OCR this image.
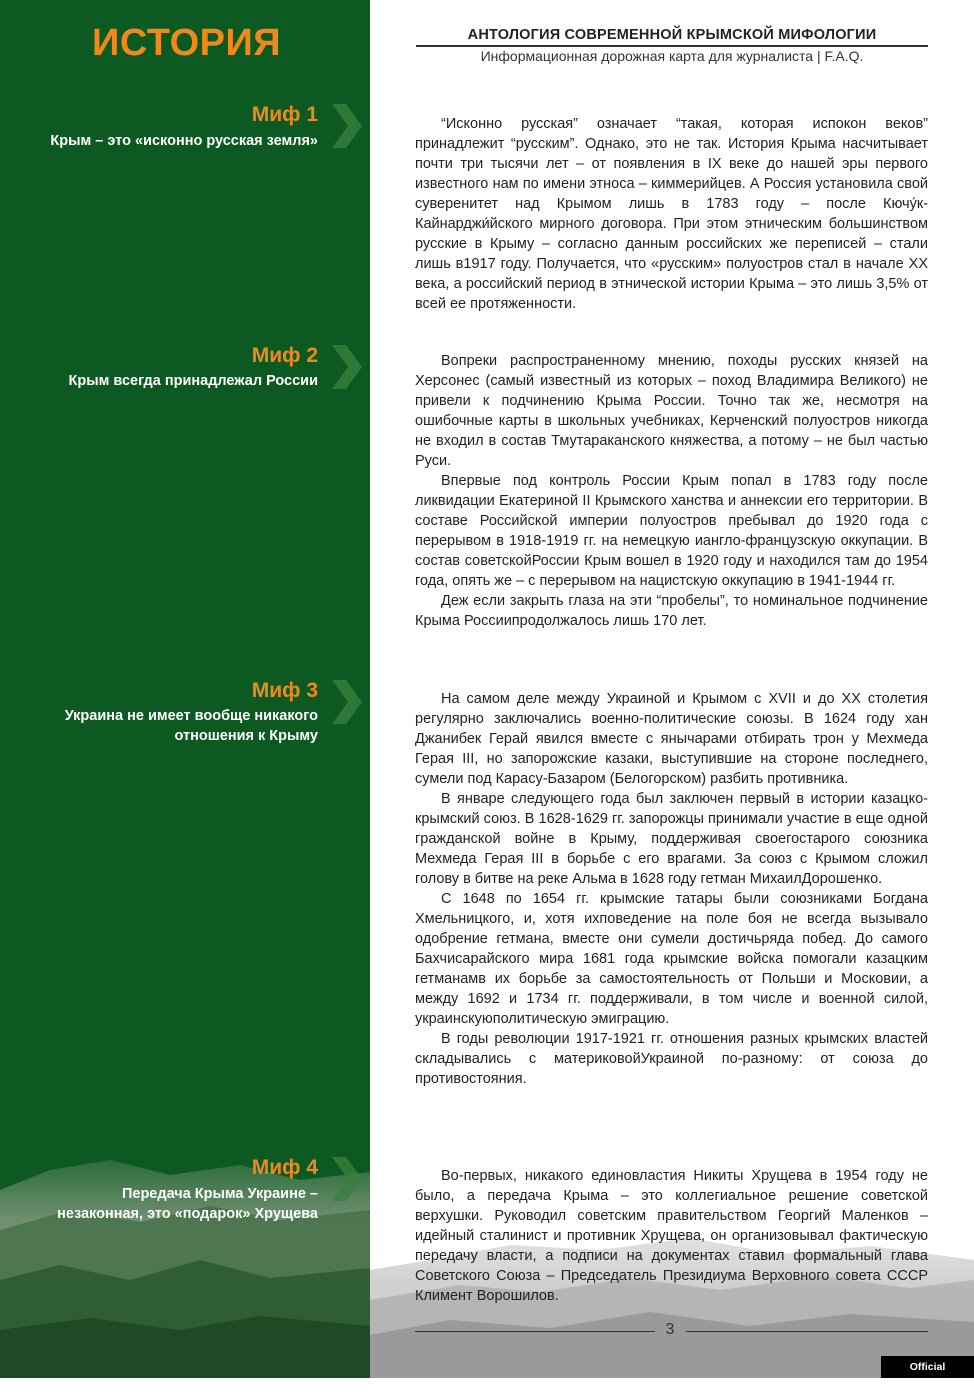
ИСТОРИЯ
Миф 1
Крым – это «исконно русская земля»
Миф 2
Крым всегда принадлежал России
Миф 3
Украина не имеет вообще никакого
отношения к Крыму
Миф 4
Передача Крыма Украине –
незаконная, это «подарок» Хрущева
АНТОЛОГИЯ СОВРЕМЕННОЙ КРЫМСКОЙ МИФОЛОГИИ
Информационная дорожная карта для журналиста | F.A.Q.

“Исконно русская” означает “такая, которая испокон веков” принадлежит “русским”. Однако, это не так. История Крыма насчитывает почти три тысячи лет – от появления в IX веке до нашей эры первого известного нам по имени этноса – киммерийцев. А Россия установила свой суверенитет над Крымом лишь в 1783 году – после Кючу́к-Кайнарджи́йского мирного договора. При этом этническим большинством русские в Крыму – согласно данным российских же переписей – стали лишь в1917 году. Получается, что «русским» полуостров стал в начале XX века, а российский период в этнической истории Крыма – это лишь 3,5% от всей ее протяженности.

Вопреки распространенному мнению, походы русских князей на Херсонес (самый известный из которых – поход Владимира Великого) не привели к подчинению Крыма России. Точно так же, несмотря на ошибочные карты в школьных учебниках, Керченский полуостров никогда не входил в состав Тмутараканского княжества, а потому – не был частью Руси.

Впервые под контроль России Крым попал в 1783 году после ликвидации Екатериной II Крымского ханства и аннексии его территории. В составе Российской империи полуостров пребывал до 1920 года с перерывом в 1918-1919 гг. на немецкую иангло-французскую оккупации. В состав советскойРоссии Крым вошел в 1920 году и находился там до 1954 года, опять же – с перерывом на нацистскую оккупацию в 1941-1944 гг.

Деж если закрыть глаза на эти “пробелы”, то номинальное подчинение Крыма Россиипродолжалось лишь 170 лет.

На самом деле между Украиной и Крымом с XVII и до XX столетия регулярно заключались военно-политические союзы. В 1624 году хан Джанибек Герай явился вместе с янычарами отбирать трон у Мехмеда Герая III, но запорожские казаки, выступившие на стороне последнего, сумели под Карасу-Базаром (Белогорском) разбить противника.

В январе следующего года был заключен первый в истории казацко-крымский союз. В 1628-1629 гг. запорожцы принимали участие в еще одной гражданской войне в Крыму, поддерживая своегостарого союзника Мехмеда Герая III в борьбе с его врагами. За союз с Крымом сложил голову в битве на реке Альма в 1628 году гетман МихаилДорошенко.

С 1648 по 1654 гг. крымские татары были союзниками Богдана Хмельницкого, и, хотя ихповедение на поле боя не всегда вызывало одобрение гетмана, вместе они сумели достичьряда побед. До самого Бахчисарайского мира 1681 года крымские войска помогали казацким гетманамв их борьбе за самостоятельность от Польши и Московии, а между 1692 и 1734 гг. поддерживали, в том числе и военной силой, украинскуюполитическую эмиграцию.

В годы революции 1917-1921 гг. отношения разных крымских властей складывались с материковойУкраиной по-разному: от союза до противостояния.

Во-первых, никакого единовластия Никиты Хрущева в 1954 году не было, а передача Крыма – это коллегиальное решение советской верхушки. Руководил советским правительством Георгий Маленков – идейный сталинист и противник Хрущева, он организовывал фактическую передачу власти, а подписи на документах ставил формальный глава Советского Союза – Председатель Президиума Верховного совета СССР Климент Ворошилов.

3
Official publication
